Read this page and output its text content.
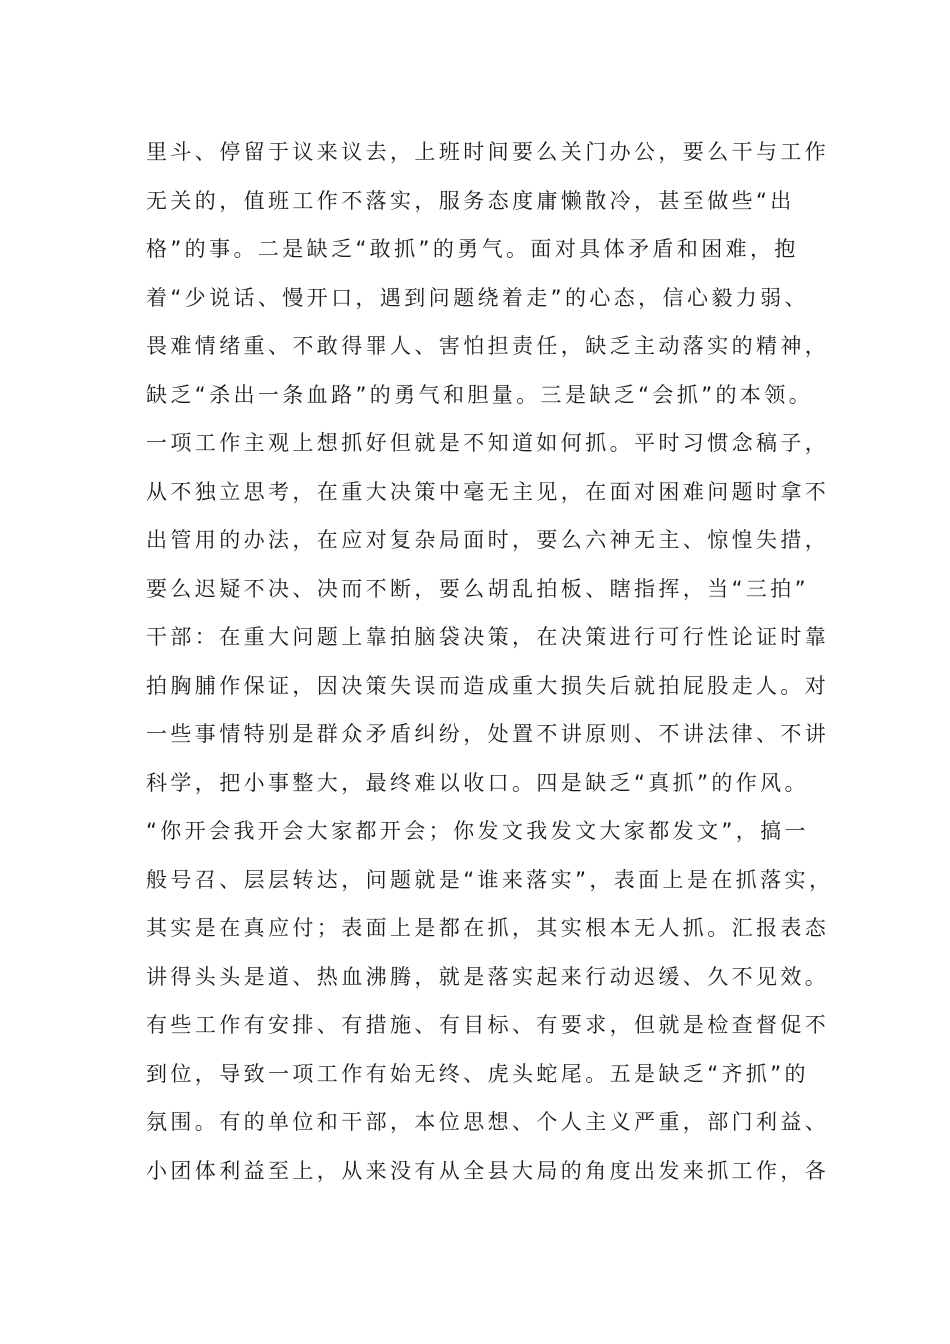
里斗、停留于议来议去，上班时间要么关门办公，要么干与工作
无关的，值班工作不落实，服务态度庸懒散冷，甚至做些“出
格”的事。二是缺乏“敢抓”的勇气。面对具体矛盾和困难，抱
着“少说话、慢开口，遇到问题绕着走”的心态，信心毅力弱、
畏难情绪重、不敢得罪人、害怕担责任，缺乏主动落实的精神，
缺乏“杀出一条血路”的勇气和胆量。三是缺乏“会抓”的本领。
一项工作主观上想抓好但就是不知道如何抓。平时习惯念稿子，
从不独立思考，在重大决策中毫无主见，在面对困难问题时拿不
出管用的办法，在应对复杂局面时，要么六神无主、惊惶失措，
要么迟疑不决、决而不断，要么胡乱拍板、瞎指挥，当“三拍”
干部：在重大问题上靠拍脑袋决策，在决策进行可行性论证时靠
拍胸脯作保证，因决策失误而造成重大损失后就拍屁股走人。对
一些事情特别是群众矛盾纠纷，处置不讲原则、不讲法律、不讲
科学，把小事整大，最终难以收口。四是缺乏“真抓”的作风。
“你开会我开会大家都开会；你发文我发文大家都发文”，搞一
般号召、层层转达，问题就是“谁来落实”，表面上是在抓落实，
其实是在真应付；表面上是都在抓，其实根本无人抓。汇报表态
讲得头头是道、热血沸腾，就是落实起来行动迟缓、久不见效。
有些工作有安排、有措施、有目标、有要求，但就是检查督促不
到位，导致一项工作有始无终、虎头蛇尾。五是缺乏“齐抓”的
氛围。有的单位和干部，本位思想、个人主义严重，部门利益、
小团体利益至上，从来没有从全县大局的角度出发来抓工作，各
